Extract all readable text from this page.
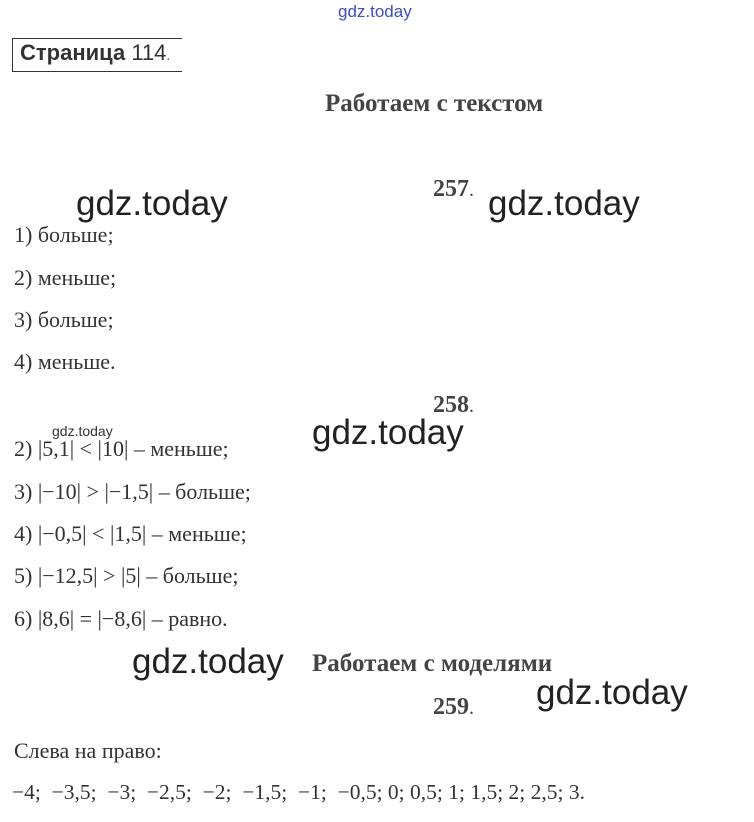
gdz.today
Страница 114.
Работаем с текстом
257.
1) больше;
2) меньше;
3) больше;
4) меньше.
258.
2) |5,1| < |10| – меньше;
3) |−10| > |−1,5| – больше;
4) |−0,5| < |1,5| – меньше;
5) |−12,5| > |5| – больше;
6) |8,6| = |−8,6| – равно.
Работаем с моделями
259.
Слева на право:
−4;  −3,5;  −3;  −2,5;  −2;  −1,5;  −1;  −0,5; 0; 0,5; 1; 1,5; 2; 2,5; 3.
gdz.today	gdz.today
gdz.today	gdz.today
gdz.today
gdz.today
